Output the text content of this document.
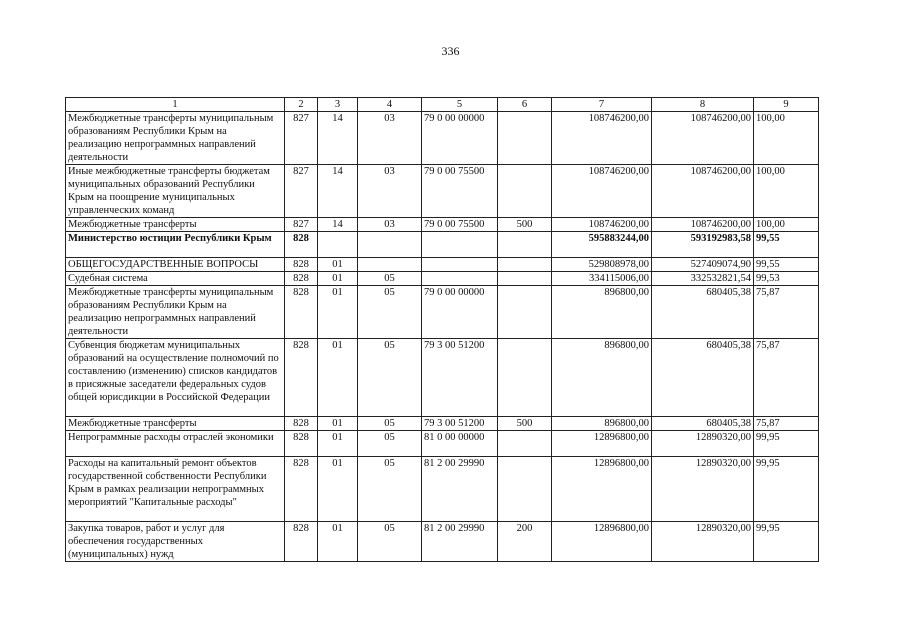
336
1	2	3	4	5	6	7	8	9
Межбюджетные трансферты муниципальным образованиям Республики Крым на реализацию непрограммных направлений деятельности	827	14	03	79 0 00 00000		108746200,00	108746200,00	100,00
Иные межбюджетные трансферты бюджетам муниципальных образований Республики Крым на поощрение муниципальных управленческих команд	827	14	03	79 0 00 75500		108746200,00	108746200,00	100,00
Межбюджетные трансферты	827	14	03	79 0 00 75500	500	108746200,00	108746200,00	100,00
Министерство юстиции Республики Крым	828					595883244,00	593192983,58	99,55
ОБЩЕГОСУДАРСТВЕННЫЕ ВОПРОСЫ	828	01				529808978,00	527409074,90	99,55
Судебная система	828	01	05			334115006,00	332532821,54	99,53
Межбюджетные трансферты муниципальным образованиям Республики Крым на реализацию непрограммных направлений деятельности	828	01	05	79 0 00 00000		896800,00	680405,38	75,87
Субвенция бюджетам муниципальных образований на осуществление полномочий по составлению (изменению) списков кандидатов в присяжные заседатели федеральных судов общей юрисдикции в Российской Федерации	828	01	05	79 3 00 51200		896800,00	680405,38	75,87
Межбюджетные трансферты	828	01	05	79 3 00 51200	500	896800,00	680405,38	75,87
Непрограммные расходы отраслей экономики	828	01	05	81 0 00 00000		12896800,00	12890320,00	99,95
Расходы на капитальный ремонт объектов государственной собственности Республики Крым в рамках реализации непрограммных мероприятий "Капитальные расходы"	828	01	05	81 2 00 29990		12896800,00	12890320,00	99,95
Закупка товаров, работ и услуг для обеспечения государственных (муниципальных) нужд	828	01	05	81 2 00 29990	200	12896800,00	12890320,00	99,95
